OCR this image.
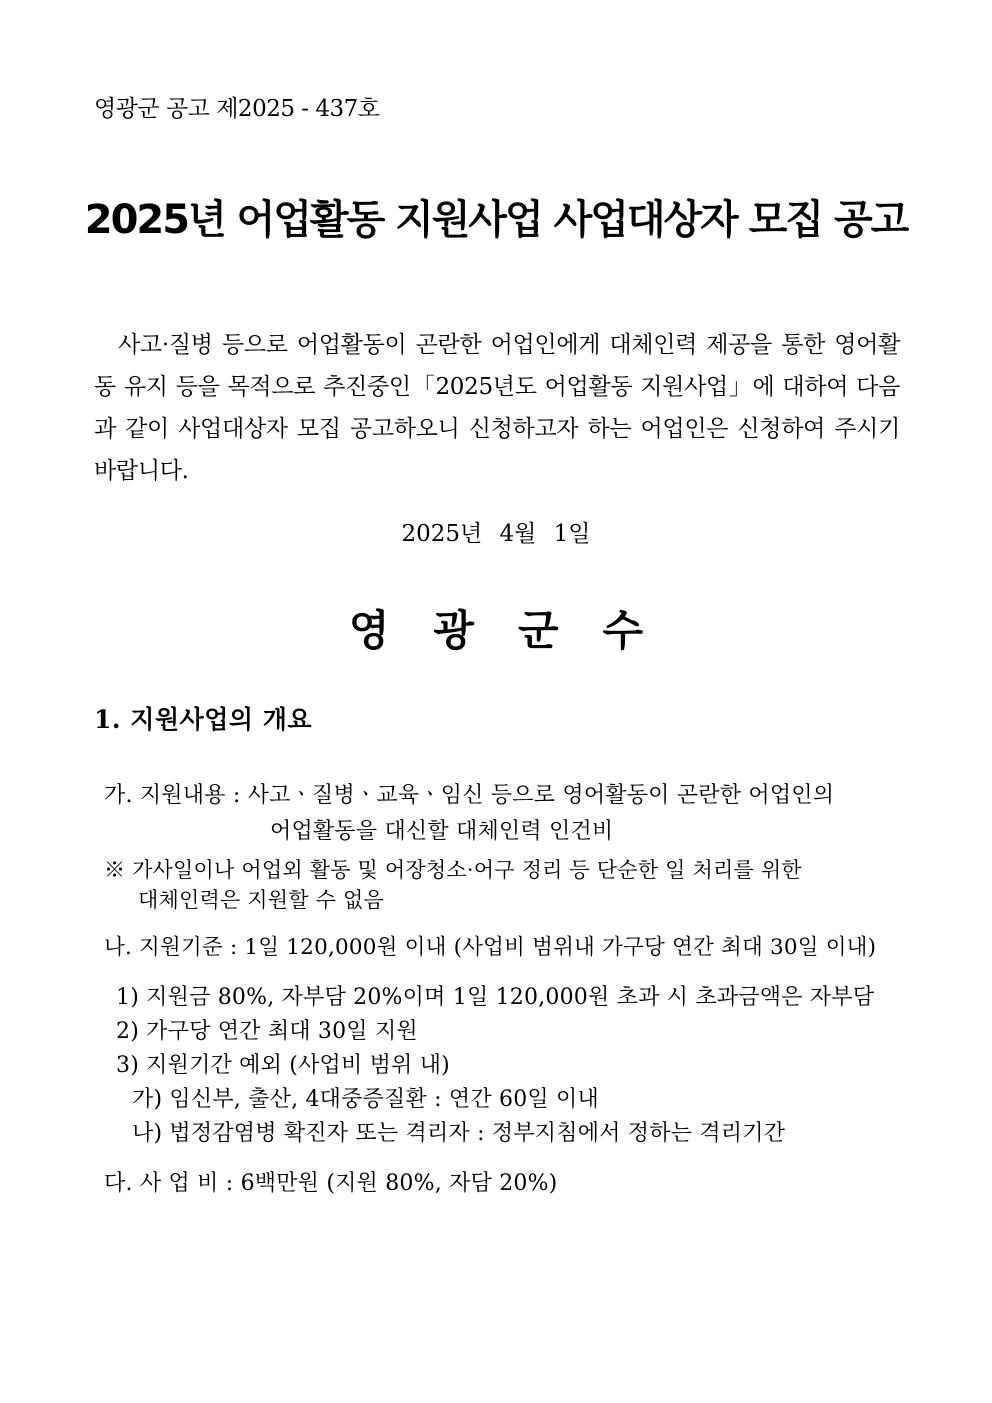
영광군 공고 제2025 - 437호
2025년 어업활동 지원사업 사업대상자 모집 공고
사고·질병 등으로 어업활동이 곤란한 어업인에게 대체인력 제공을 통한 영어활동 유지 등을 목적으로 추진중인「2025년도 어업활동 지원사업」에 대하여 다음과 같이 사업대상자 모집 공고하오니 신청하고자 하는 어업인은 신청하여 주시기 바랍니다.
2025년 4월 1일
영광군수
1. 지원사업의 개요
가. 지원내용 : 사고ㆍ질병ㆍ교육ㆍ임신 등으로 영어활동이 곤란한 어업인의
어업활동을 대신할 대체인력 인건비
※ 가사일이나 어업외 활동 및 어장청소·어구 정리 등 단순한 일 처리를 위한
대체인력은 지원할 수 없음
나. 지원기준 : 1일 120,000원 이내 (사업비 범위내 가구당 연간 최대 30일 이내)
1) 지원금 80%, 자부담 20%이며 1일 120,000원 초과 시 초과금액은 자부담
2) 가구당 연간 최대 30일 지원
3) 지원기간 예외 (사업비 범위 내)
가) 임신부, 출산, 4대중증질환 : 연간 60일 이내
나) 법정감염병 확진자 또는 격리자 : 정부지침에서 정하는 격리기간
다. 사 업 비 : 6백만원 (지원 80%, 자담 20%)
